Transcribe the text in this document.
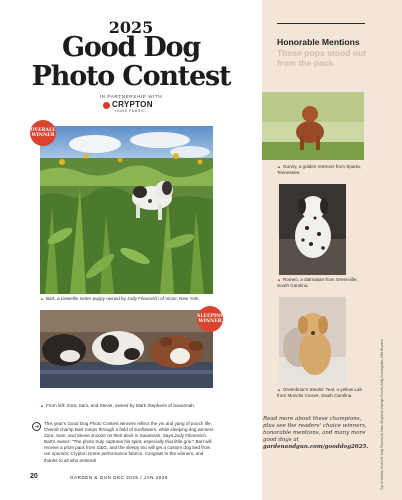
2025
Good Dog
Photo Contest
IN PARTNERSHIP WITH
CRYPTON
HOME FABRIC
OVERALL
WINNER
▲ Bart, a Llewellin setter puppy owned by Jody Filonovich of Victor, New York.
SLEEPING
WINNER
▲ From left: Zora, Sam, and Stevie, owned by Mark Stephens of Savannah.
➔
This year's Good Dog Photo Contest winners reflect the yin and yang of pooch life. Overall champ Bart romps through a field of sunflowers, while sleeping dog winners Zora, Sam, and Stevie snooze on their deck in Savannah. Says Jody Filonovich, Bart's owner: "The photo truly captures his spirit, especially that little grin." Bart will receive a prize pack from G&G, and the sleepy trio will get a custom dog bed from our sponsor, Crypton Home performance fabrics. Congrats to the winners, and thanks to all who entered!
20	GARDEN & GUN DEC 2025 / JAN 2026
Honorable Mentions These pups stood out from the pack
▲ Gunny, a golden retriever from Sparta, Tennessee.
▲ Romeo, a dalmatian from Greenville, South Carolina.
▲ Greenbriar's Stealin' Teal, a yellow Lab from Moncks Corner, South Carolina.
Read more about these champions, plus see the readers' choice winners, honorable mentions, and many more good dogs at gardenandgun.com/gooddog2025.	Top to bottom, from left: Jody Filonovich; Mark Stephens; Katelyn Purcell; Kelly Cunningham; Mills Bowden
